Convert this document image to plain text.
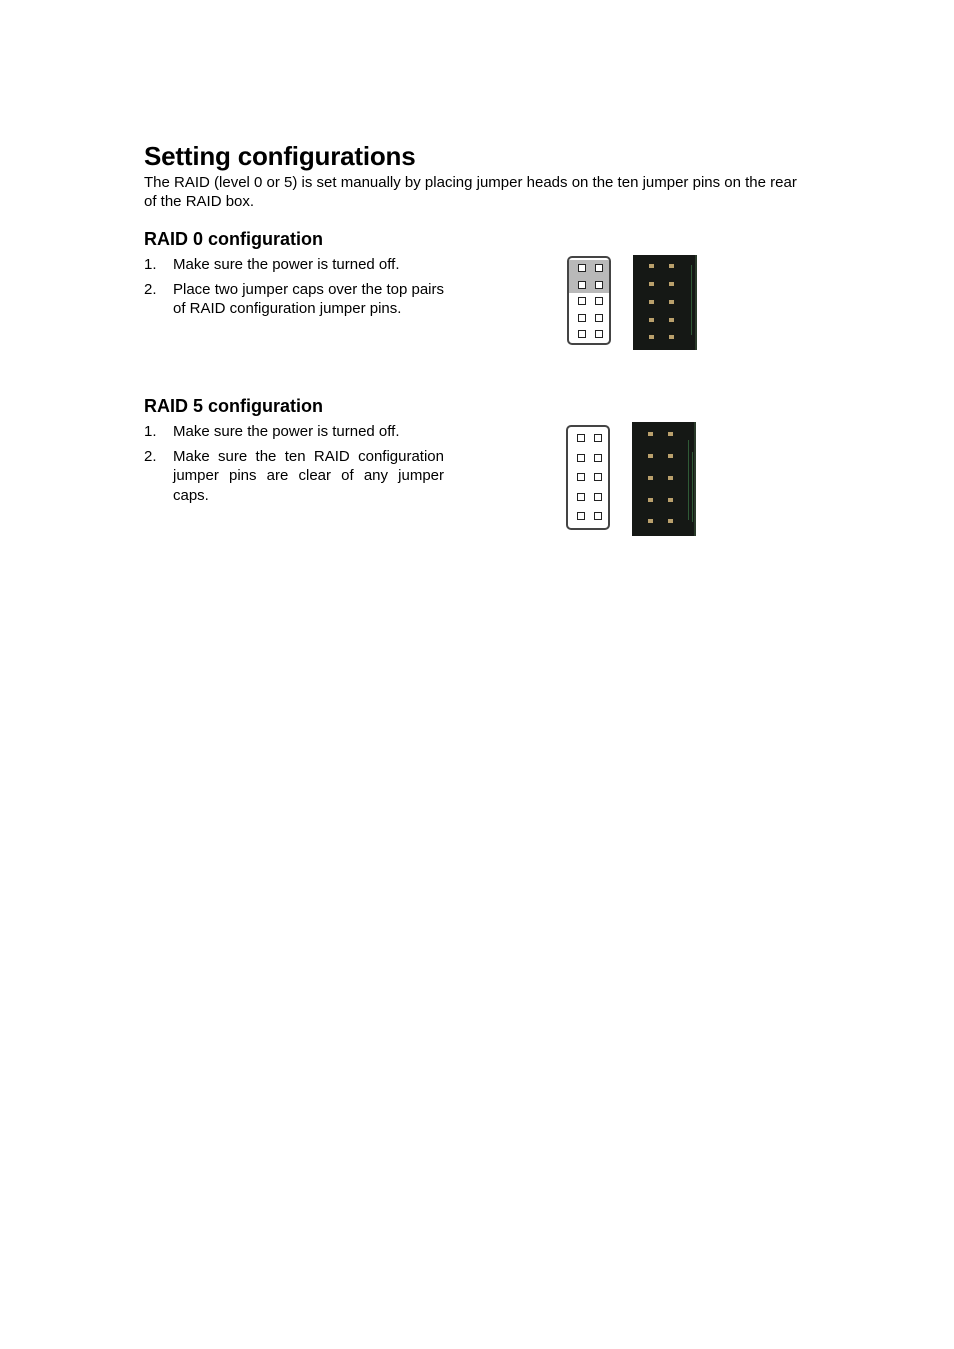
Setting configurations

The RAID (level 0 or 5) is set manually by placing jumper heads on the ten jumper pins on the rear of the RAID box.

RAID 0 configuration
1. Make sure the power is turned off.
2. Place two jumper caps over the top pairs of RAID configuration jumper pins.
RAID 5 configuration
1. Make sure the power is turned off.
2. Make sure the ten RAID configuration jumper pins are clear of any jumper caps.
